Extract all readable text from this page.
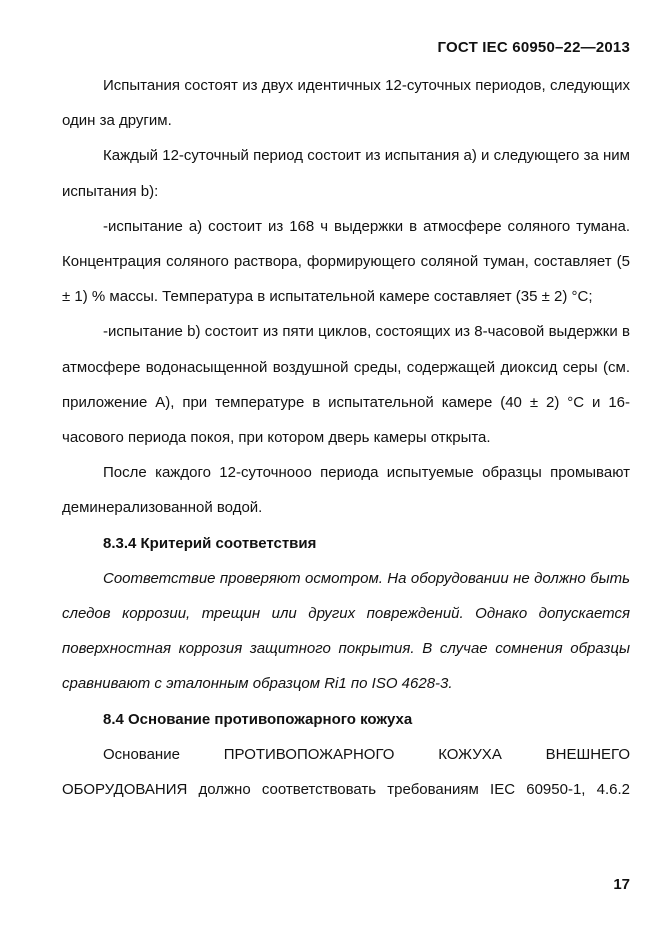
ГОСТ IEC 60950–22—2013

Испытания состоят из двух идентичных 12-суточных периодов, следующих один за другим.

Каждый 12-суточный период состоит из испытания a) и следующего за ним испытания b):

-испытание a) состоит из 168 ч выдержки в атмосфере соляного тумана. Концентрация соляного раствора, формирующего соляной туман, составляет (5 ± 1) % массы. Температура в испытательной камере составляет (35 ± 2) °С;

-испытание b) состоит из пяти циклов, состоящих из 8-часовой выдержки в атмосфере водонасыщенной воздушной среды, содержащей диоксид серы (см. приложение A), при температуре в испытательной камере (40 ± 2) °С и 16-часового периода покоя, при котором дверь камеры открыта.

После каждого 12-суточноoo периода испытуемые образцы промывают деминерализованной водой.

8.3.4 Критерий соответствия

Соответствие проверяют осмотром. На оборудовании не должно быть следов коррозии, трещин или других повреждений. Однако допускается поверхностная коррозия защитного покрытия. В случае сомнения образцы сравнивают с эталонным образцом Ri1 по ISO 4628-3.

8.4 Основание противопожарного кожуха

Основание ПРОТИВОПОЖАРНОГО КОЖУХА ВНЕШНЕГО ОБОРУДОВАНИЯ должно соответствовать требованиям IEC 60950-1, 4.6.2

17
